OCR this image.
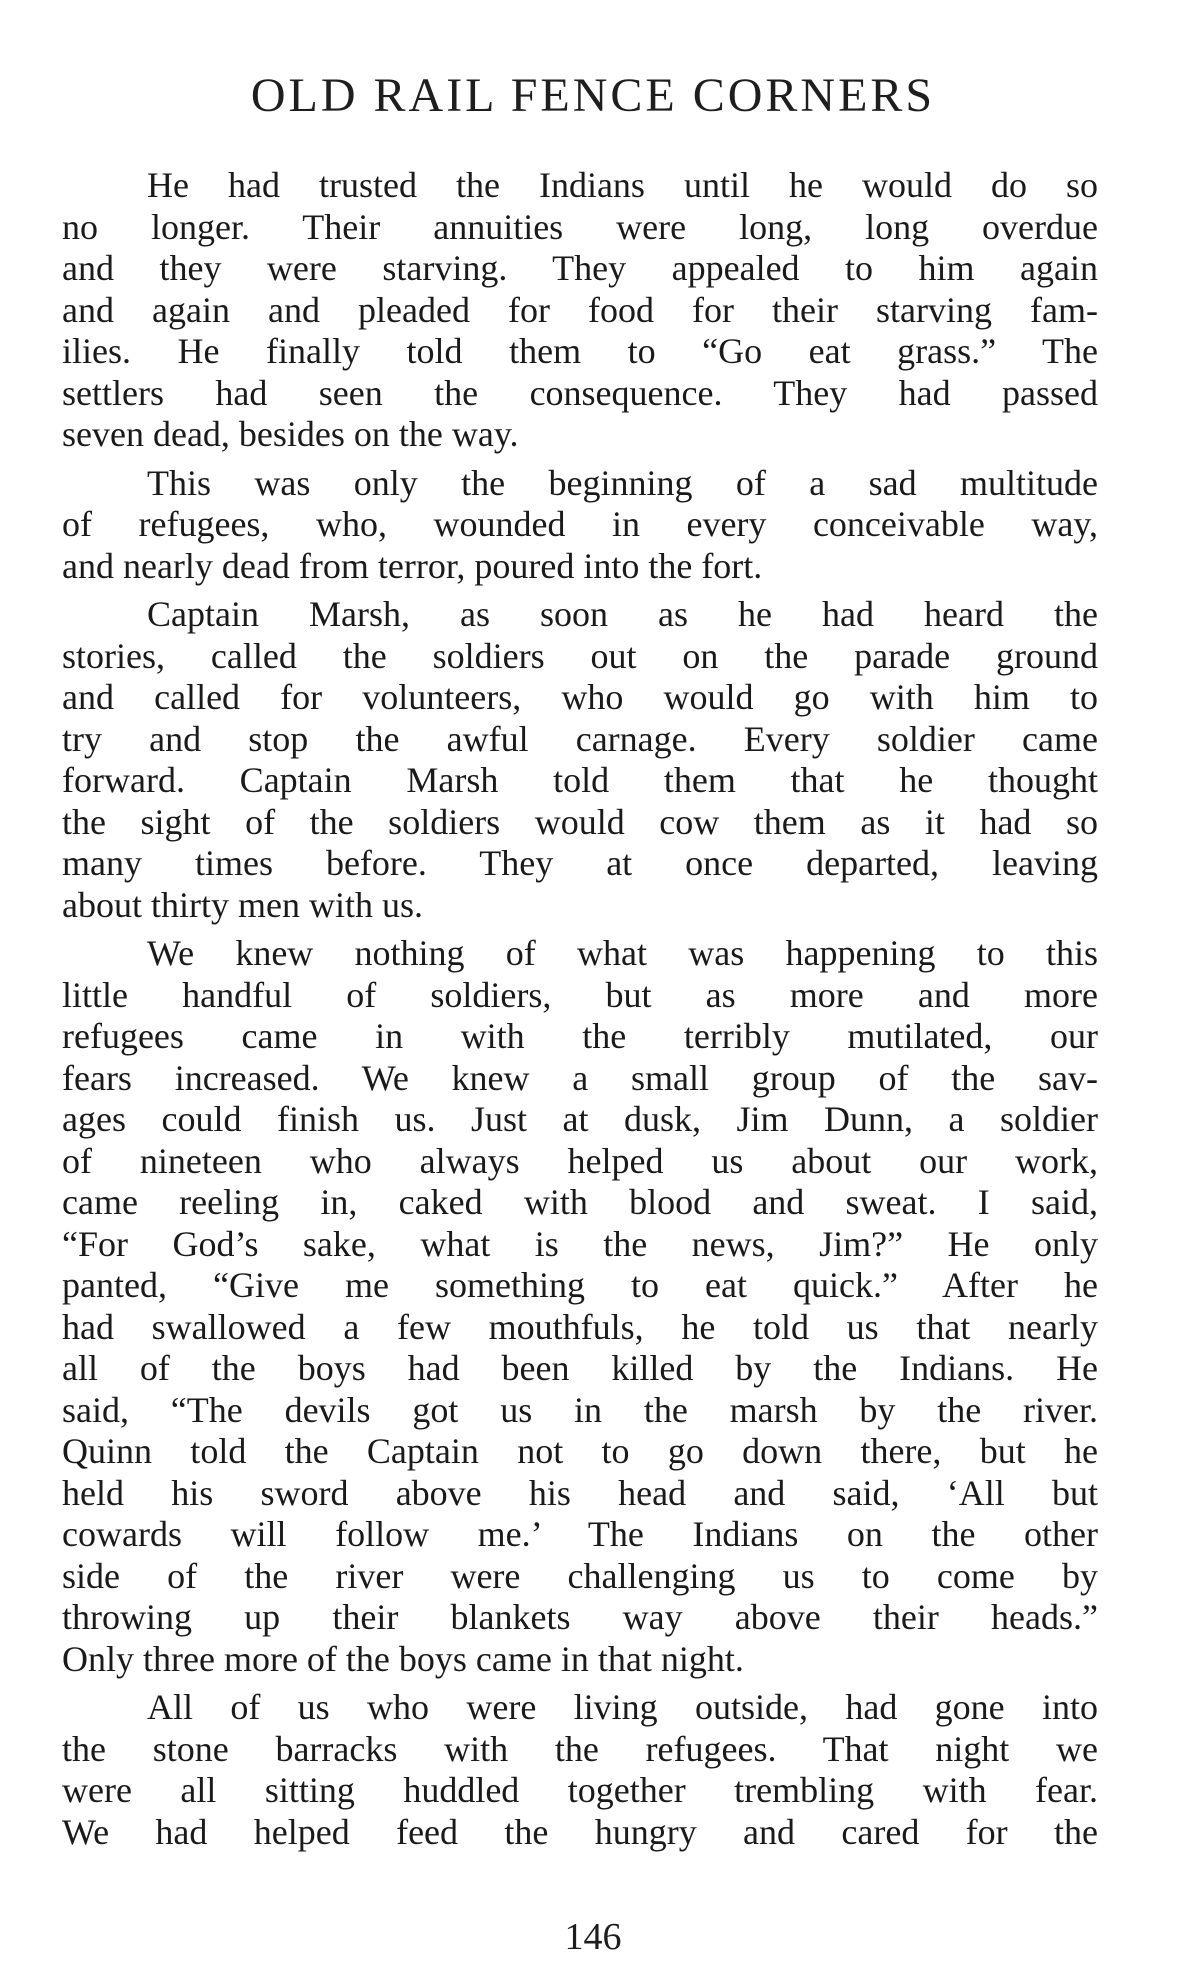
OLD RAIL FENCE CORNERS
He had trusted the Indians until he would do so
no longer. Their annuities were long, long overdue
and they were starving. They appealed to him again
and again and pleaded for food for their starving fam-
ilies. He finally told them to “Go eat grass.” The
settlers had seen the consequence. They had passed
seven dead, besides on the way.
This was only the beginning of a sad multitude
of refugees, who, wounded in every conceivable way,
and nearly dead from terror, poured into the fort.
Captain Marsh, as soon as he had heard the
stories, called the soldiers out on the parade ground
and called for volunteers, who would go with him to
try and stop the awful carnage. Every soldier came
forward. Captain Marsh told them that he thought
the sight of the soldiers would cow them as it had so
many times before. They at once departed, leaving
about thirty men with us.
We knew nothing of what was happening to this
little handful of soldiers, but as more and more
refugees came in with the terribly mutilated, our
fears increased. We knew a small group of the sav-
ages could finish us. Just at dusk, Jim Dunn, a soldier
of nineteen who always helped us about our work,
came reeling in, caked with blood and sweat. I said,
“For God’s sake, what is the news, Jim?” He only
panted, “Give me something to eat quick.” After he
had swallowed a few mouthfuls, he told us that nearly
all of the boys had been killed by the Indians. He
said, “The devils got us in the marsh by the river.
Quinn told the Captain not to go down there, but he
held his sword above his head and said, ‘All but
cowards will follow me.’ The Indians on the other
side of the river were challenging us to come by
throwing up their blankets way above their heads.”
Only three more of the boys came in that night.
All of us who were living outside, had gone into
the stone barracks with the refugees. That night we
were all sitting huddled together trembling with fear.
We had helped feed the hungry and cared for the
146
